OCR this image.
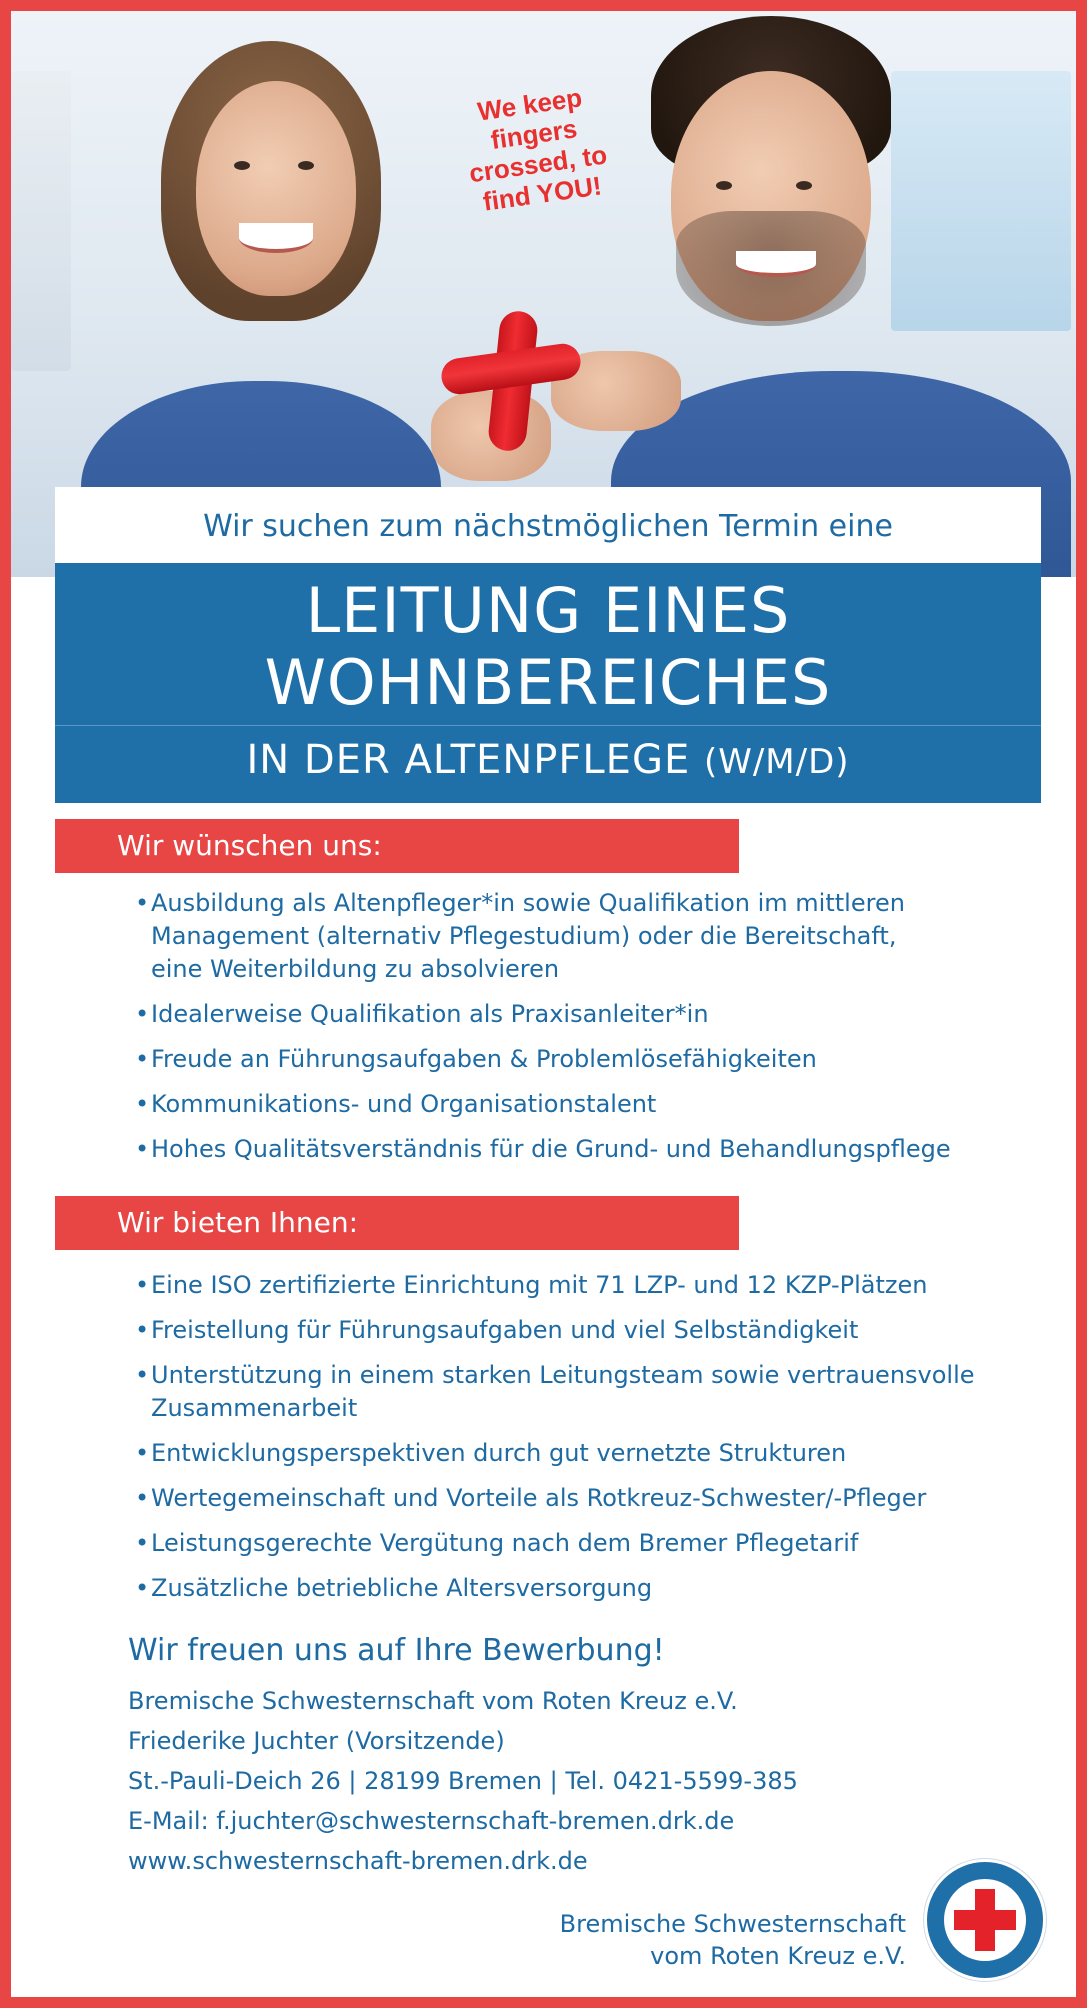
We keep fingers crossed, to find YOU!
Wir suchen zum nächstmöglichen Termin eine
LEITUNG EINES
WOHNBEREICHES
IN DER ALTENPFLEGE (W/M/D)
Wir wünschen uns:
• Ausbildung als Altenpfleger*in sowie Qualifikation im mittleren Management (alternativ Pflegestudium) oder die Bereitschaft, eine Weiterbildung zu absolvieren
• Idealerweise Qualifikation als Praxisanleiter*in
• Freude an Führungsaufgaben & Problemlösefähigkeiten
• Kommunikations- und Organisationstalent
• Hohes Qualitätsverständnis für die Grund- und Behandlungspflege
Wir bieten Ihnen:
• Eine ISO zertifizierte Einrichtung mit 71 LZP- und 12 KZP-Plätzen
• Freistellung für Führungsaufgaben und viel Selbständigkeit
• Unterstützung in einem starken Leitungsteam sowie vertrauensvolle Zusammenarbeit
• Entwicklungsperspektiven durch gut vernetzte Strukturen
• Wertegemeinschaft und Vorteile als Rotkreuz-Schwester/-Pfleger
• Leistungsgerechte Vergütung nach dem Bremer Pflegetarif
• Zusätzliche betriebliche Altersversorgung
Wir freuen uns auf Ihre Bewerbung!
Bremische Schwesternschaft vom Roten Kreuz e.V.
Friederike Juchter (Vorsitzende)
St.-Pauli-Deich 26 | 28199 Bremen | Tel. 0421-5599-385
E-Mail: f.juchter@schwesternschaft-bremen.drk.de
www.schwesternschaft-bremen.drk.de
Bremische Schwesternschaft
vom Roten Kreuz e.V.
